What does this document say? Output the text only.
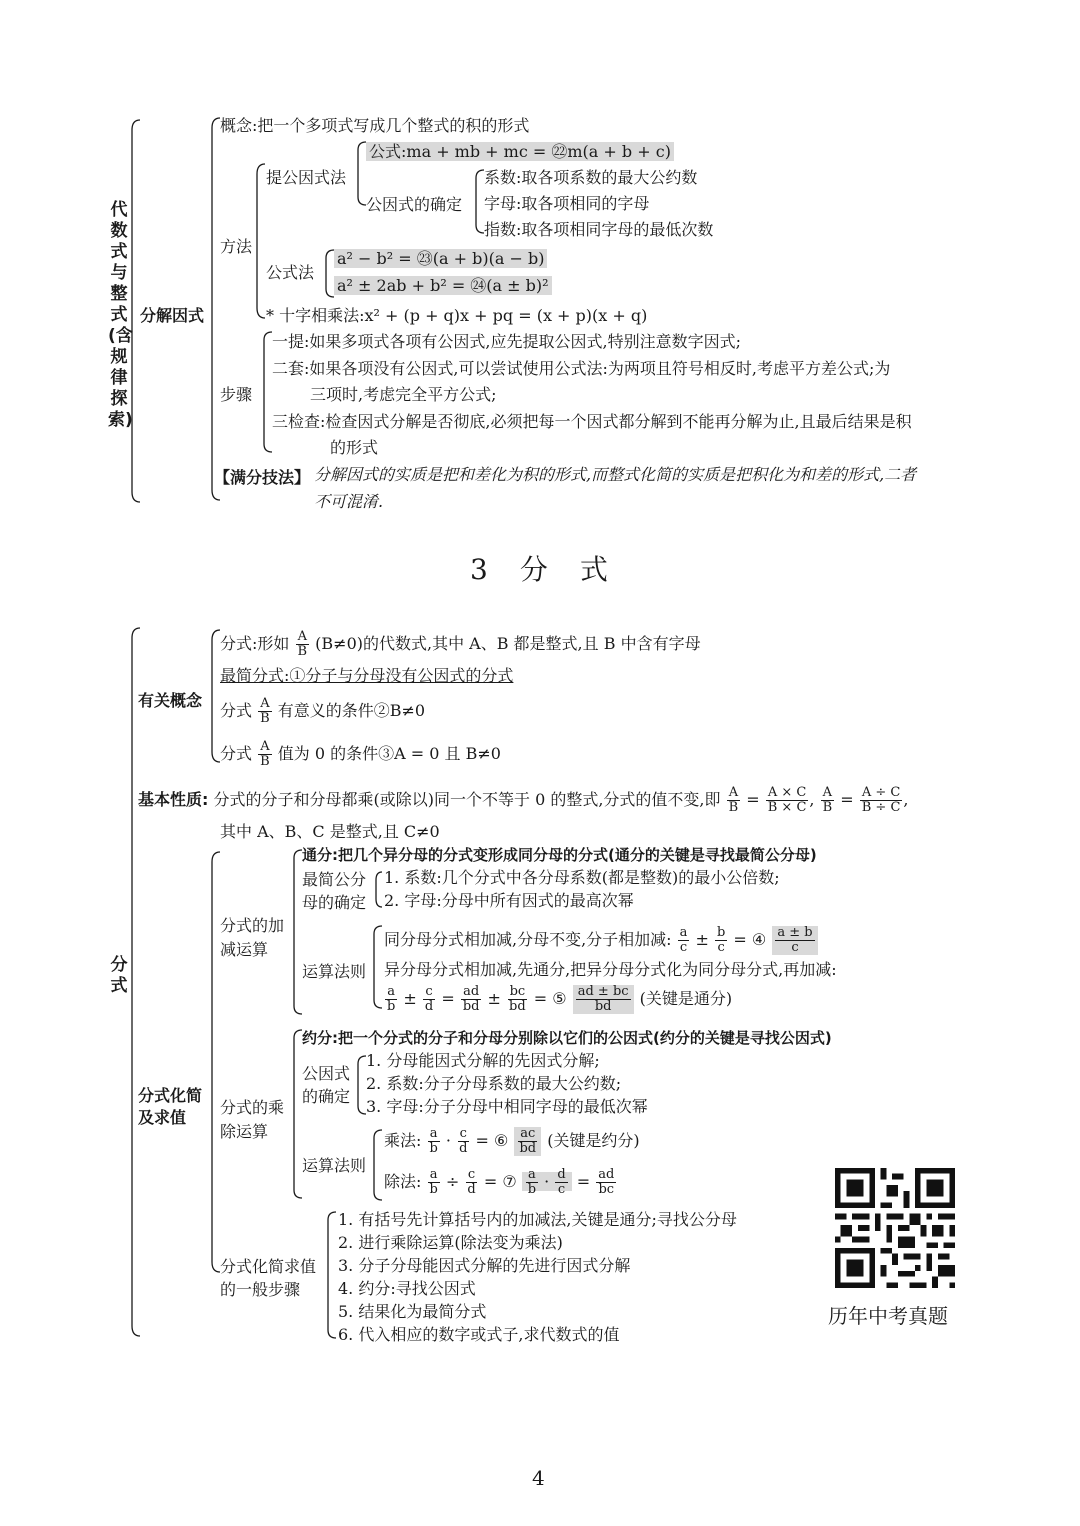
代数式与整式(含规律探索)
分解因式
概念:把一个多项式写成几个整式的积的形式
方法
提公因式法
公式:ma + mb + mc = ㉒m(a + b + c)
公因式的确定
系数:取各项系数的最大公约数
字母:取各项相同的字母
指数:取各项相同字母的最低次数
公式法
a² − b² = ㉓(a + b)(a − b)
a² ± 2ab + b² = ㉔(a ± b)²
* 十字相乘法:x² + (p + q)x + pq = (x + p)(x + q)
步骤
一提:如果多项式各项有公因式,应先提取公因式,特别注意数字因式;
二套:如果各项没有公因式,可以尝试使用公式法:为两项且符号相反时,考虑平方差公式;为
三项时,考虑完全平方公式;
三检查:检查因式分解是否彻底,必须把每一个因式都分解到不能再分解为止,且最后结果是积
的形式
【满分技法】 分解因式的实质是把和差化为积的形式,而整式化简的实质是把积化为和差的形式,二者
不可混淆.
3　分　式
分式
有关概念
分式:形如 $\frac{A}{B} (B\ne 0)$的代数式,其中 A、B 都是整式,且 B 中含有字母
最简分式:①分子与分母没有公因式的分式
分式 $\frac{A}{B}$ 有意义的条件②B≠0
分式 $\frac{A}{B}$ 值为 0 的条件③A = 0 且 B≠0
基本性质: 分式的分子和分母都乘(或除以)同一个不等于 0 的整式,分式的值不变,即 $\frac{A}{B} = \frac{A \times C}{B \times C}$ , $\frac{A}{B} = \frac{A \div C}{B \div C}$ ,
其中 A、B、C 是整式,且 C≠0
分式的加减运算
通分:把几个异分母的分式变形成同分母的分式(通分的关键是寻找最简公分母)
最简公分母的确定
1. 系数:几个分式中各分母系数(都是整数)的最小公倍数;
2. 字母:分母中所有因式的最高次幂
运算法则
同分母分式相加减,分母不变,分子相加减: $\frac{a}{c} \pm \frac{b}{c}$ = ④ $\frac{a \pm b}{c}$
异分母分式相加减,先通分,把异分母分式化为同分母分式,再加减:
$\frac{a}{b} \pm \frac{c}{d} = \frac{ad}{bd} \pm \frac{bc}{bd}$ = ⑤ $\frac{ad \pm bc}{bd}$ (关键是通分)
分式化简及求值
分式的乘除运算
约分:把一个分式的分子和分母分别除以它们的公因式(约分的关键是寻找公因式)
公因式的确定
1. 分母能因式分解的先因式分解;
2. 系数:分子分母系数的最大公约数;
3. 字母:分子分母中相同字母的最低次幂
运算法则
乘法: $\frac{a}{b} \cdot \frac{c}{d}$ = ⑥ $\frac{ac}{bd}$ (关键是约分)
除法: $\frac{a}{b} \div \frac{c}{d}$ = ⑦ $\frac{a}{b} \cdot \frac{d}{c} = \frac{ad}{bc}$
分式化简求值的一般步骤
1. 有括号先计算括号内的加减法,关键是通分;寻找公分母
2. 进行乘除运算(除法变为乘法)
3. 分子分母能因式分解的先进行因式分解
4. 约分:寻找公因式
5. 结果化为最简分式
6. 代入相应的数字或式子,求代数式的值
历年中考真题
4
